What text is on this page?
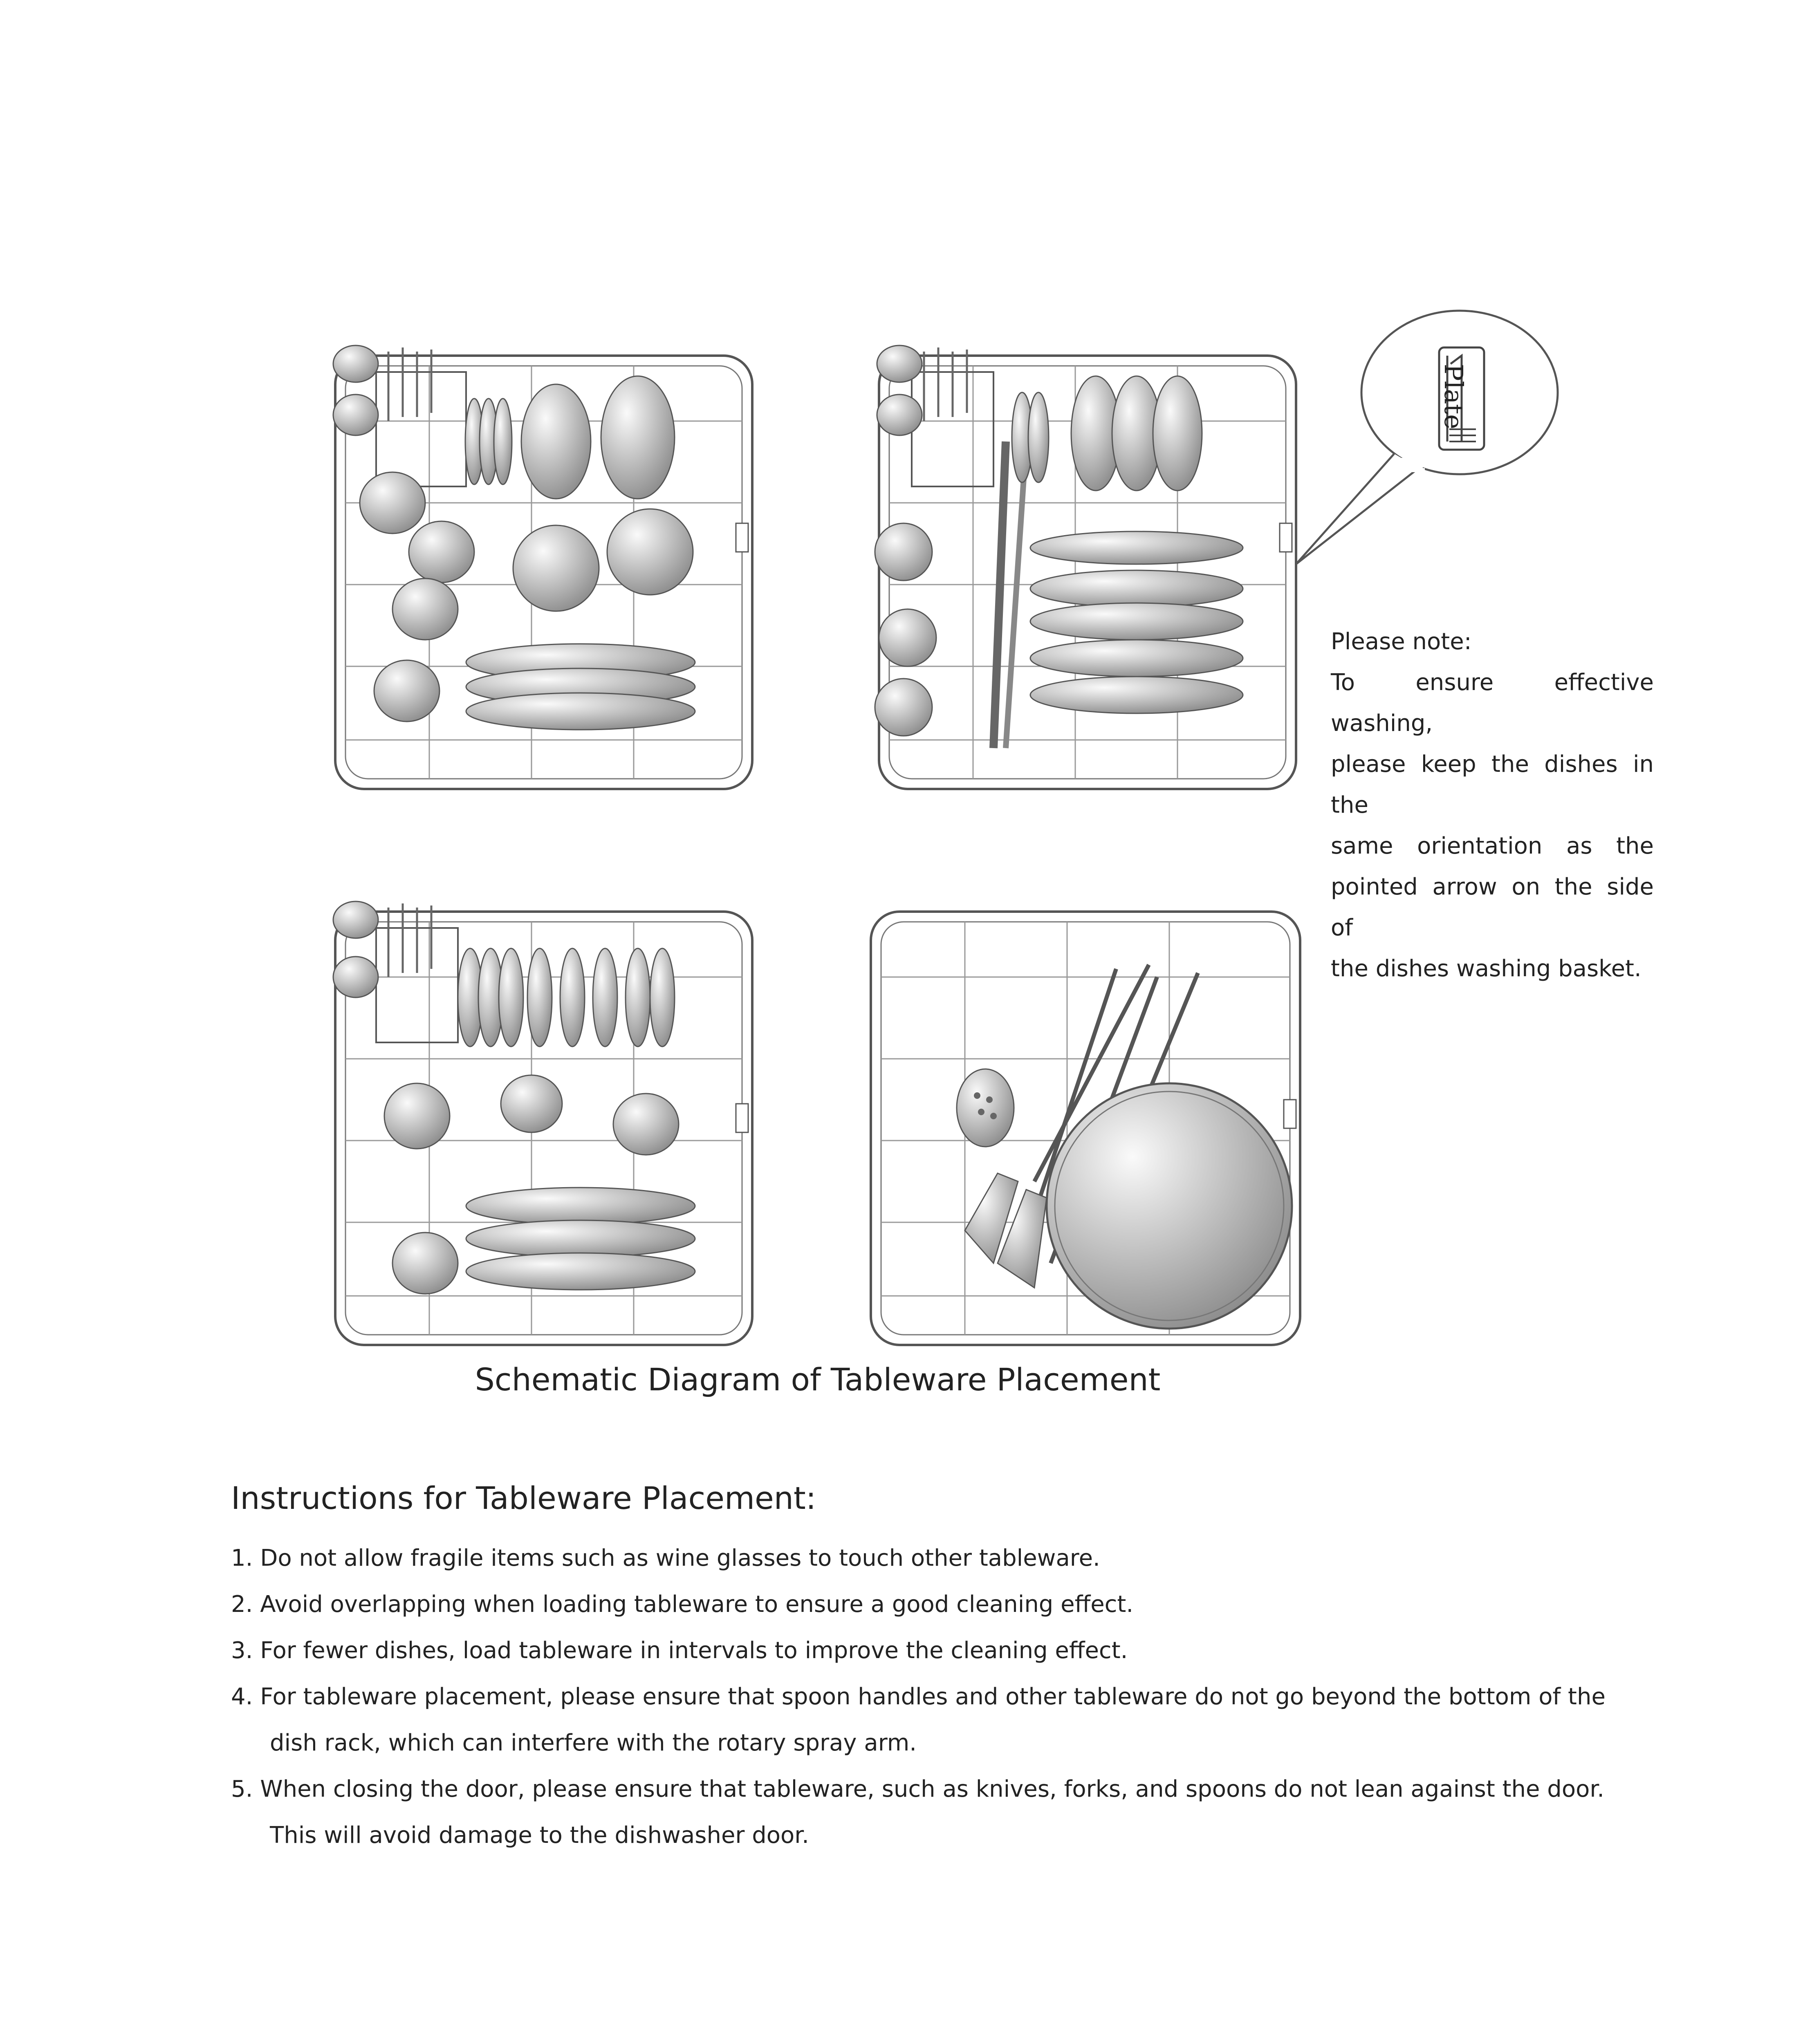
Plate
Please note:
To ensure effective washing,
please keep the dishes in the
same orientation as the
pointed arrow on the side of
the dishes washing basket.
Schematic Diagram of Tableware Placement
Instructions for Tableware Placement:
1. Do not allow fragile items such as wine glasses to touch other tableware.
2. Avoid overlapping when loading tableware to ensure a good cleaning effect.
3. For fewer dishes, load tableware in intervals to improve the cleaning effect.
4. For tableware placement, please ensure that spoon handles and other tableware do not go beyond the bottom of the
dish rack, which can interfere with the rotary spray arm.
5. When closing the door, please ensure that tableware, such as knives, forks, and spoons do not lean against the door.
This will avoid damage to the dishwasher door.
